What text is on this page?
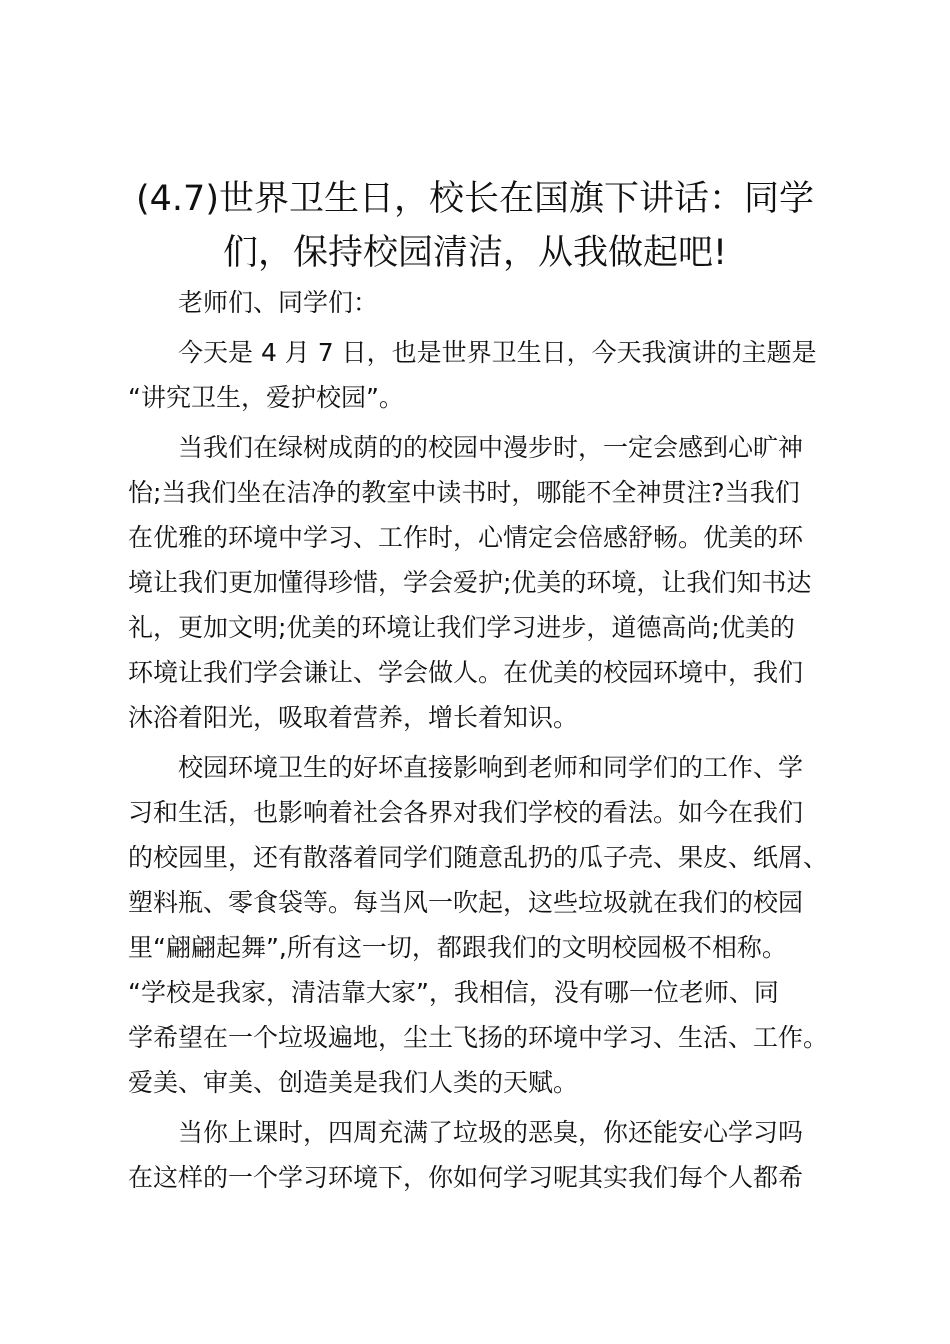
(4.7)世界卫生日，校长在国旗下讲话：同学
们，保持校园清洁，从我做起吧!

老师们、同学们：

今天是 4 月 7 日，也是世界卫生日，今天我演讲的主题是
“讲究卫生，爱护校园”。

当我们在绿树成荫的的校园中漫步时，一定会感到心旷神
怡;当我们坐在洁净的教室中读书时，哪能不全神贯注?当我们
在优雅的环境中学习、工作时，心情定会倍感舒畅。优美的环
境让我们更加懂得珍惜，学会爱护;优美的环境，让我们知书达
礼，更加文明;优美的环境让我们学习进步，道德高尚;优美的
环境让我们学会谦让、学会做人。在优美的校园环境中，我们
沐浴着阳光，吸取着营养，增长着知识。

校园环境卫生的好坏直接影响到老师和同学们的工作、学
习和生活，也影响着社会各界对我们学校的看法。如今在我们
的校园里，还有散落着同学们随意乱扔的瓜子壳、果皮、纸屑、
塑料瓶、零食袋等。每当风一吹起，这些垃圾就在我们的校园
里“翩翩起舞”,所有这一切，都跟我们的文明校园极不相称。
“学校是我家，清洁靠大家”，我相信，没有哪一位老师、同
学希望在一个垃圾遍地，尘土飞扬的环境中学习、生活、工作。
爱美、审美、创造美是我们人类的天赋。

当你上课时，四周充满了垃圾的恶臭，你还能安心学习吗
在这样的一个学习环境下，你如何学习呢其实我们每个人都希
